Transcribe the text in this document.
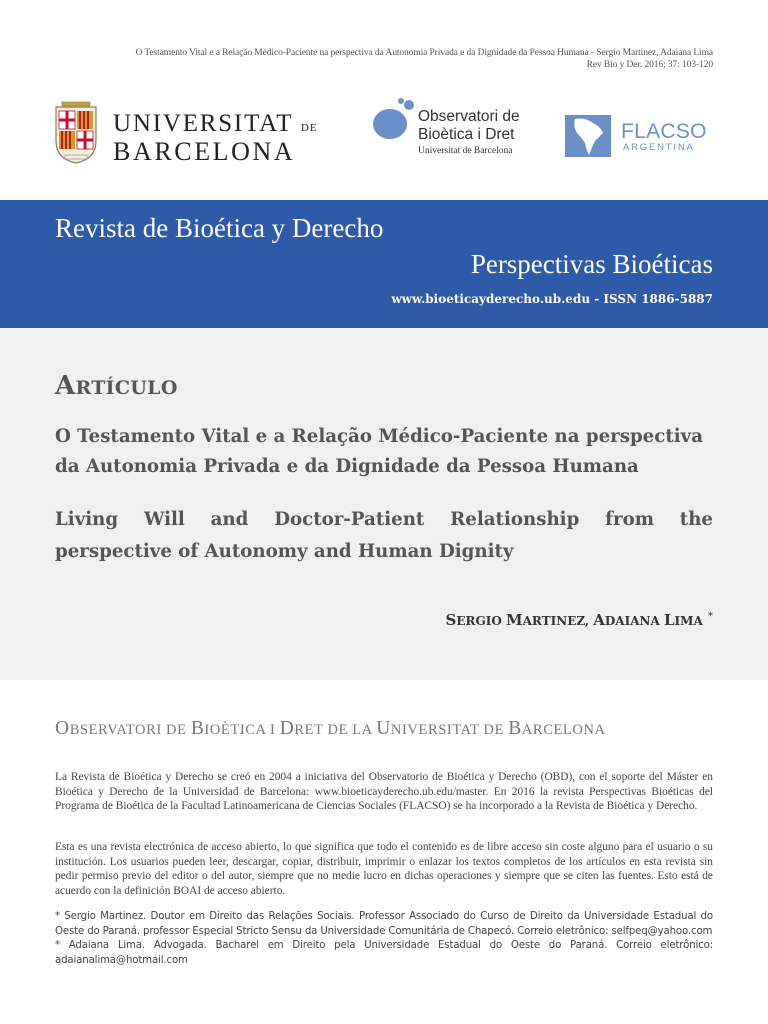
O Testamento Vital e a Relação Médico-Paciente na perspectiva da Autonomia Privada e da Dignidade da Pessoa Humana - Sergio Martinez, Adaiana Lima
Rev Bio y Der. 2016; 37: 103-120
UNIVERSITAT DE
BARCELONA
Observatori de
Bioètica i Dret
Universitat de Barcelona
FLACSO
ARGENTINA
Revista de Bioética y Derecho
Perspectivas Bioéticas
www.bioeticayderecho.ub.edu - ISSN 1886-5887
ARTÍCULO
O Testamento Vital e a Relação Médico-Paciente na perspectiva da Autonomia Privada e da Dignidade da Pessoa Humana
Living Will and Doctor-Patient Relationship from the perspective of Autonomy and Human Dignity
SERGIO MARTINEZ, ADAIANA LIMA *
OBSERVATORI DE BIOÈTICA I DRET DE LA UNIVERSITAT DE BARCELONA

La Revista de Bioética y Derecho se creó en 2004 a iniciativa del Observatorio de Bioética y Derecho (OBD), con el soporte del Máster en Bioética y Derecho de la Universidad de Barcelona: www.bioeticayderecho.ub.edu/master. En 2016 la revista Perspectivas Bioéticas del Programa de Bioética de la Facultad Latinoamericana de Ciencias Sociales (FLACSO) se ha incorporado a la Revista de Bioética y Derecho.

Esta es una revista electrónica de acceso abierto, lo que significa que todo el contenido es de libre acceso sin coste alguno para el usuario o su institución. Los usuarios pueden leer, descargar, copiar, distribuir, imprimir o enlazar los textos completos de los artículos en esta revista sin pedir permiso previo del editor o del autor, siempre que no medie lucro en dichas operaciones y siempre que se citen las fuentes. Esto está de acuerdo con la definición BOAI de acceso abierto.

* Sergio Martinez. Doutor em Direito das Relações Sociais. Professor Associado do Curso de Direito da Universidade Estadual do Oeste do Paraná. professor Especial Stricto Sensu da Universidade Comunitária de Chapecó. Correio eletrônico: selfpeq@yahoo.com

* Adaiana Lima. Advogada. Bacharel em Direito pela Universidade Estadual do Oeste do Paraná. Correio eletrônico: adaianalima@hotmail.com
